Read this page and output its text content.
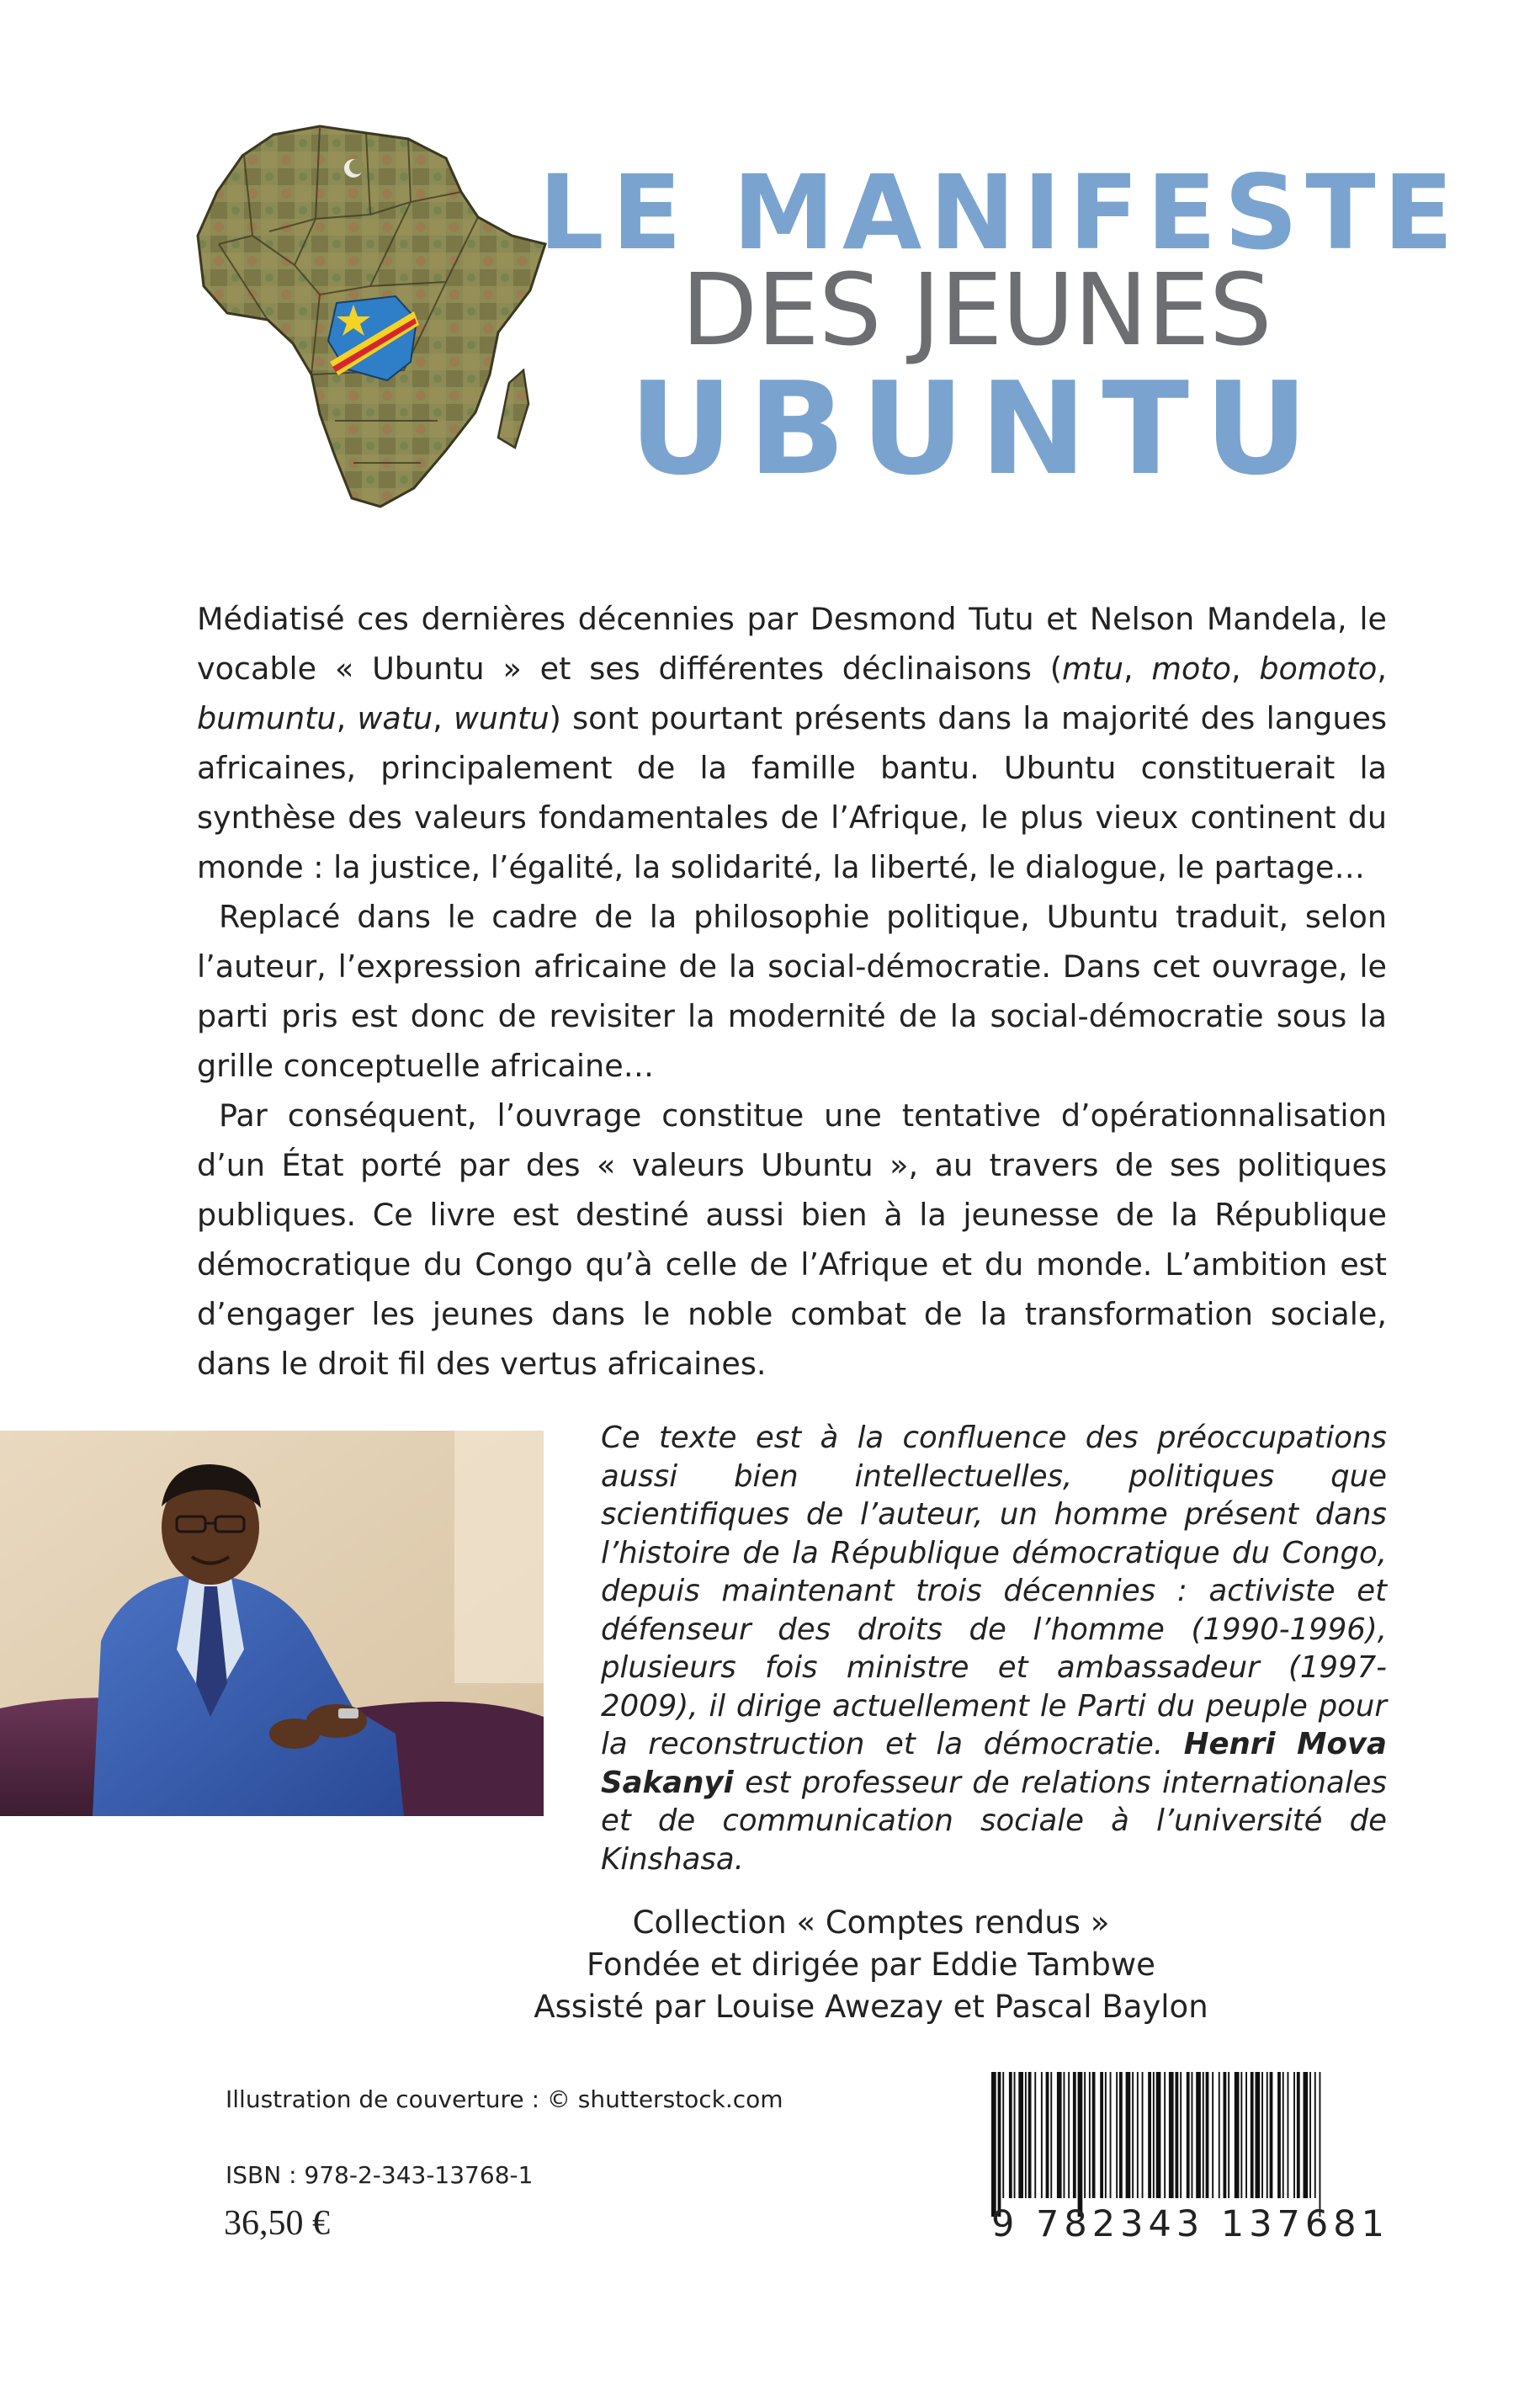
LE MANIFESTE
DES JEUNES
UBUNTU

Médiatisé ces dernières décennies par Desmond Tutu et Nelson Mandela, le vocable « Ubuntu » et ses différentes déclinaisons (mtu, moto, bomoto, bumuntu, watu, wuntu) sont pourtant présents dans la majorité des langues africaines, principalement de la famille bantu. Ubuntu constituerait la synthèse des valeurs fondamentales de l’Afrique, le plus vieux continent du monde : la justice, l’égalité, la solidarité, la liberté, le dialogue, le partage…

Replacé dans le cadre de la philosophie politique, Ubuntu traduit, selon l’auteur, l’expression africaine de la social-démocratie. Dans cet ouvrage, le parti pris est donc de revisiter la modernité de la social-démocratie sous la grille conceptuelle africaine…

Par conséquent, l’ouvrage constitue une tentative d’opérationnalisation d’un État porté par des « valeurs Ubuntu », au travers de ses politiques publiques. Ce livre est destiné aussi bien à la jeunesse de la République démocratique du Congo qu’à celle de l’Afrique et du monde. L’ambition est d’engager les jeunes dans le noble combat de la transformation sociale, dans le droit fil des vertus africaines.

Ce texte est à la confluence des préoccupations aussi bien intellectuelles, politiques que scientifiques de l’auteur, un homme présent dans l’histoire de la République démocratique du Congo, depuis maintenant trois décennies : activiste et défenseur des droits de l’homme (1990-1996), plusieurs fois ministre et ambassadeur (1997-2009), il dirige actuellement le Parti du peuple pour la reconstruction et la démocratie. Henri Mova Sakanyi est professeur de relations internationales et de communication sociale à l’université de Kinshasa.
Collection « Comptes rendus »
Fondée et dirigée par Eddie Tambwe
Assisté par Louise Awezay et Pascal Baylon
Illustration de couverture : © shutterstock.com
ISBN : 978-2-343-13768-1
36,50 €	9 782343 137681
